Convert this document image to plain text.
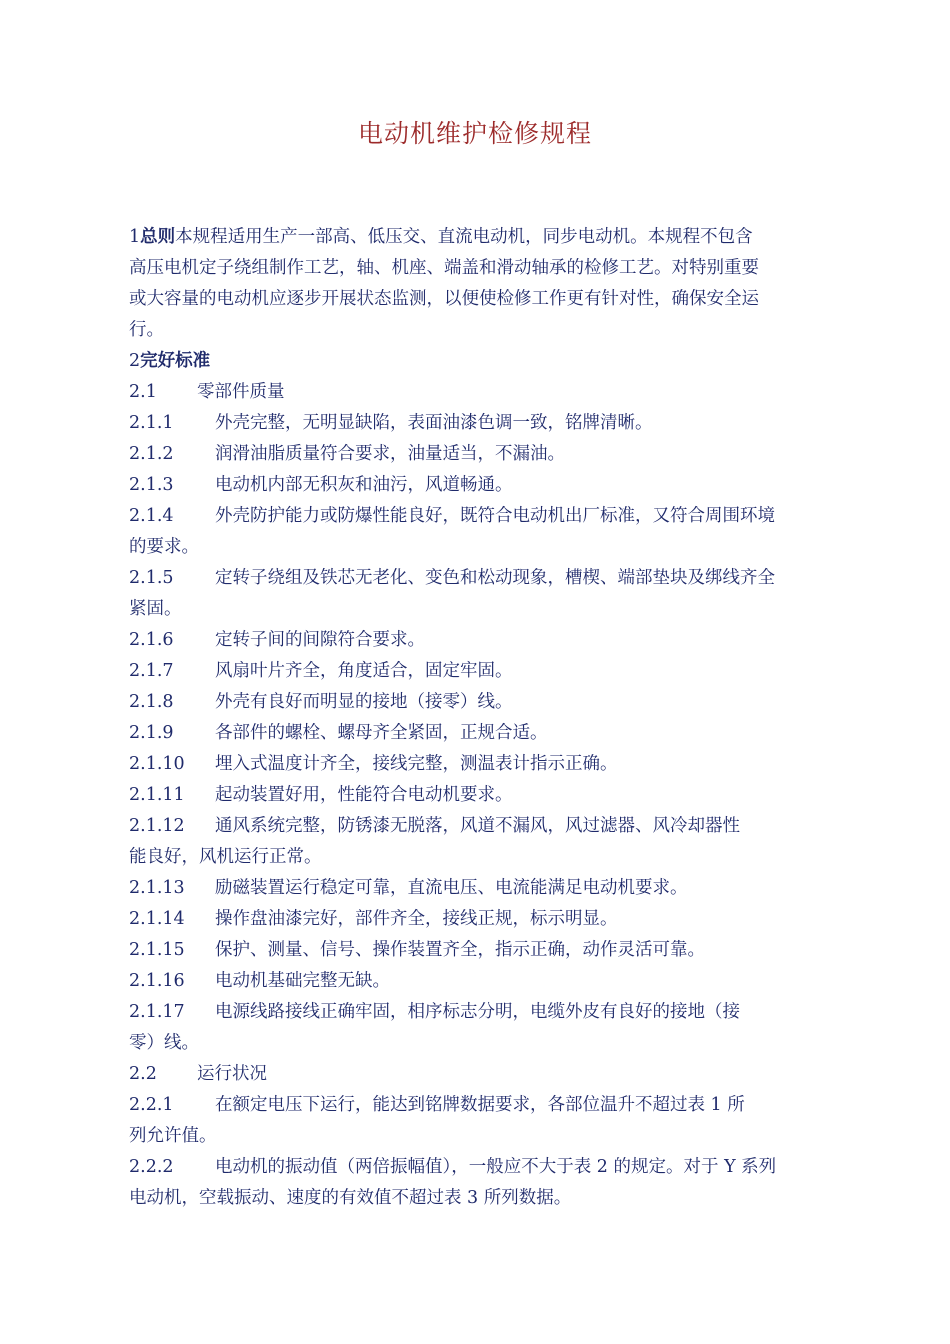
电动机维护检修规程

1总则本规程适用生产一部高、低压交、直流电动机，同步电动机。本规程不包含

高压电机定子绕组制作工艺，轴、机座、端盖和滑动轴承的检修工艺。对特别重要

或大容量的电动机应逐步开展状态监测，以便使检修工作更有针对性，确保安全运

行。

2完好标准

2.1 零部件质量

2.1.1 外壳完整，无明显缺陷，表面油漆色调一致，铭牌清晰。

2.1.2 润滑油脂质量符合要求，油量适当，不漏油。

2.1.3 电动机内部无积灰和油污，风道畅通。

2.1.4 外壳防护能力或防爆性能良好，既符合电动机出厂标准，又符合周围环境

的要求。

2.1.5 定转子绕组及铁芯无老化、变色和松动现象，槽楔、端部垫块及绑线齐全

紧固。

2.1.6 定转子间的间隙符合要求。

2.1.7 风扇叶片齐全，角度适合，固定牢固。

2.1.8 外壳有良好而明显的接地（接零）线。

2.1.9 各部件的螺栓、螺母齐全紧固，正规合适。

2.1.10 埋入式温度计齐全，接线完整，测温表计指示正确。

2.1.11 起动装置好用，性能符合电动机要求。

2.1.12 通风系统完整，防锈漆无脱落，风道不漏风，风过滤器、风冷却器性

能良好，风机运行正常。

2.1.13 励磁装置运行稳定可靠，直流电压、电流能满足电动机要求。

2.1.14 操作盘油漆完好，部件齐全，接线正规，标示明显。

2.1.15 保护、测量、信号、操作装置齐全，指示正确，动作灵活可靠。

2.1.16 电动机基础完整无缺。

2.1.17 电源线路接线正确牢固，相序标志分明，电缆外皮有良好的接地（接

零）线。

2.2 运行状况

2.2.1 在额定电压下运行，能达到铭牌数据要求，各部位温升不超过表 1 所

列允许值。

2.2.2 电动机的振动值（两倍振幅值），一般应不大于表 2 的规定。对于 Y 系列

电动机，空载振动、速度的有效值不超过表 3 所列数据。
